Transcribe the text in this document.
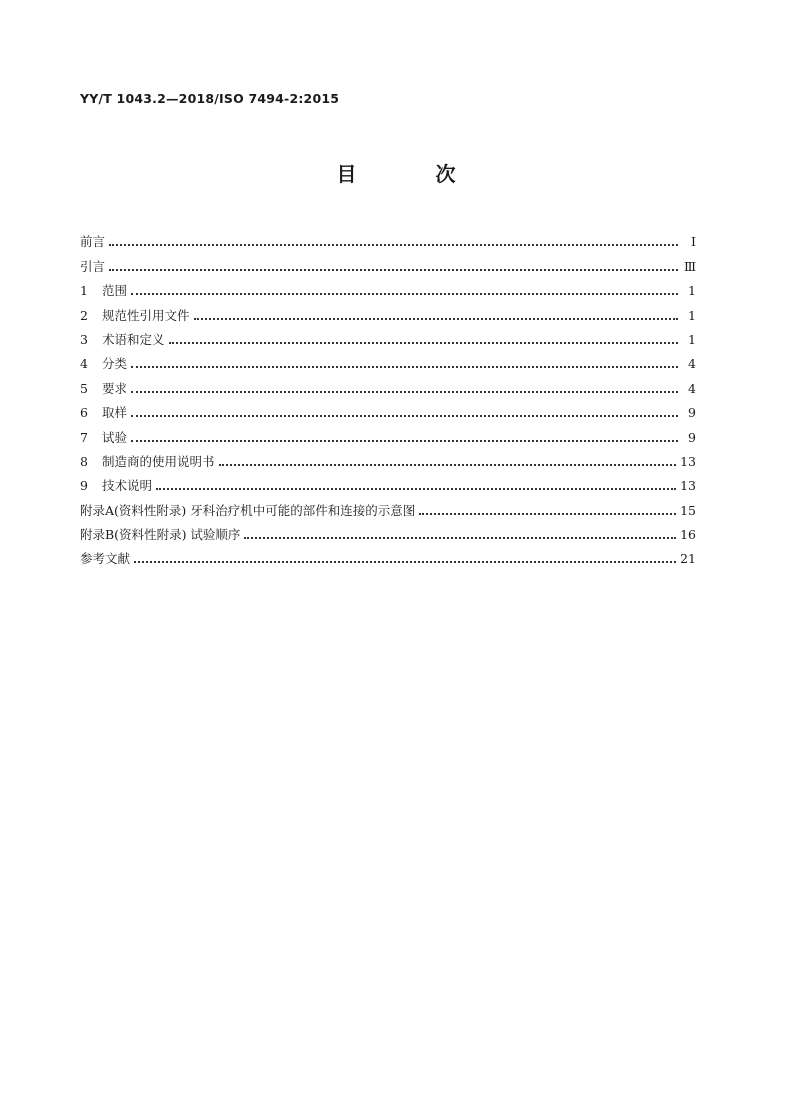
YY/T 1043.2—2018/ISO 7494-2:2015
目 次
前言	Ⅰ
引言	Ⅲ
1	范围	1
2	规范性引用文件	1
3	术语和定义	1
4	分类	4
5	要求	4
6	取样	9
7	试验	9
8	制造商的使用说明书	13
9	技术说明	13
附录A(资料性附录) 牙科治疗机中可能的部件和连接的示意图	15
附录B(资料性附录) 试验顺序	16
参考文献	21
